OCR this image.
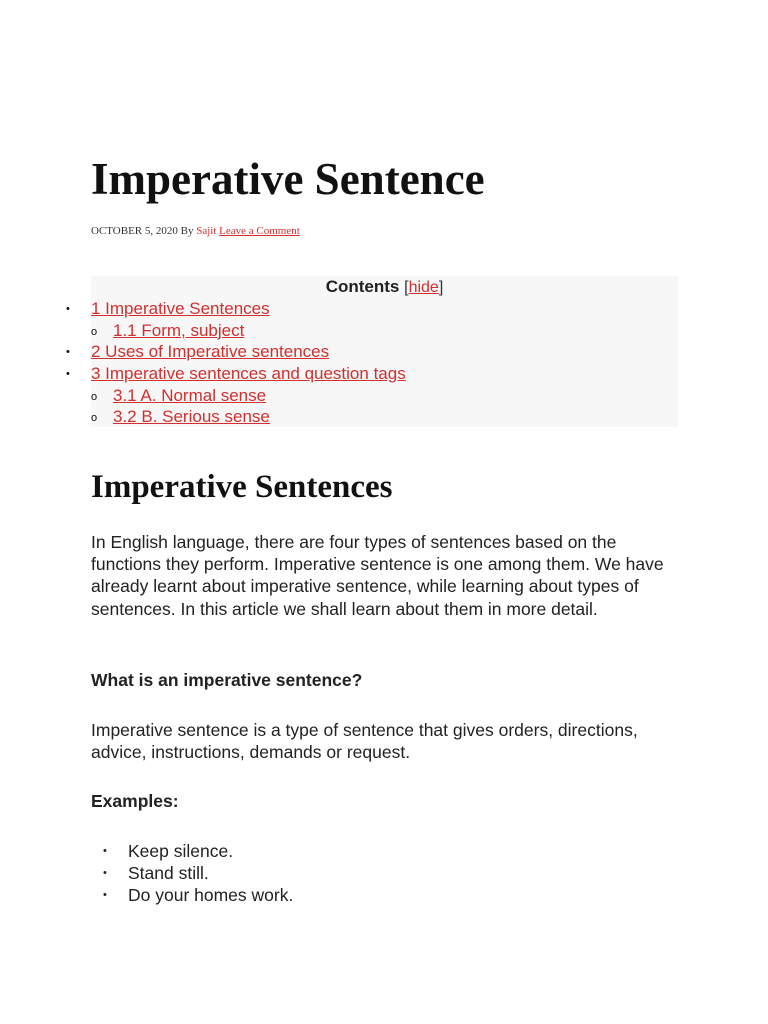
Imperative Sentence
OCTOBER 5, 2020 By Sajit Leave a Comment
Contents [hide]
• 1 Imperative Sentences
o 1.1 Form, subject
• 2 Uses of Imperative sentences
• 3 Imperative sentences and question tags
o 3.1 A. Normal sense
o 3.2 B. Serious sense
Imperative Sentences

In English language, there are four types of sentences based on the functions they perform. Imperative sentence is one among them. We have already learnt about imperative sentence, while learning about types of sentences. In this article we shall learn about them in more detail.

What is an imperative sentence?

Imperative sentence is a type of sentence that gives orders, directions, advice, instructions, demands or request.

Examples:

• Keep silence.
• Stand still.
• Do your homes work.
